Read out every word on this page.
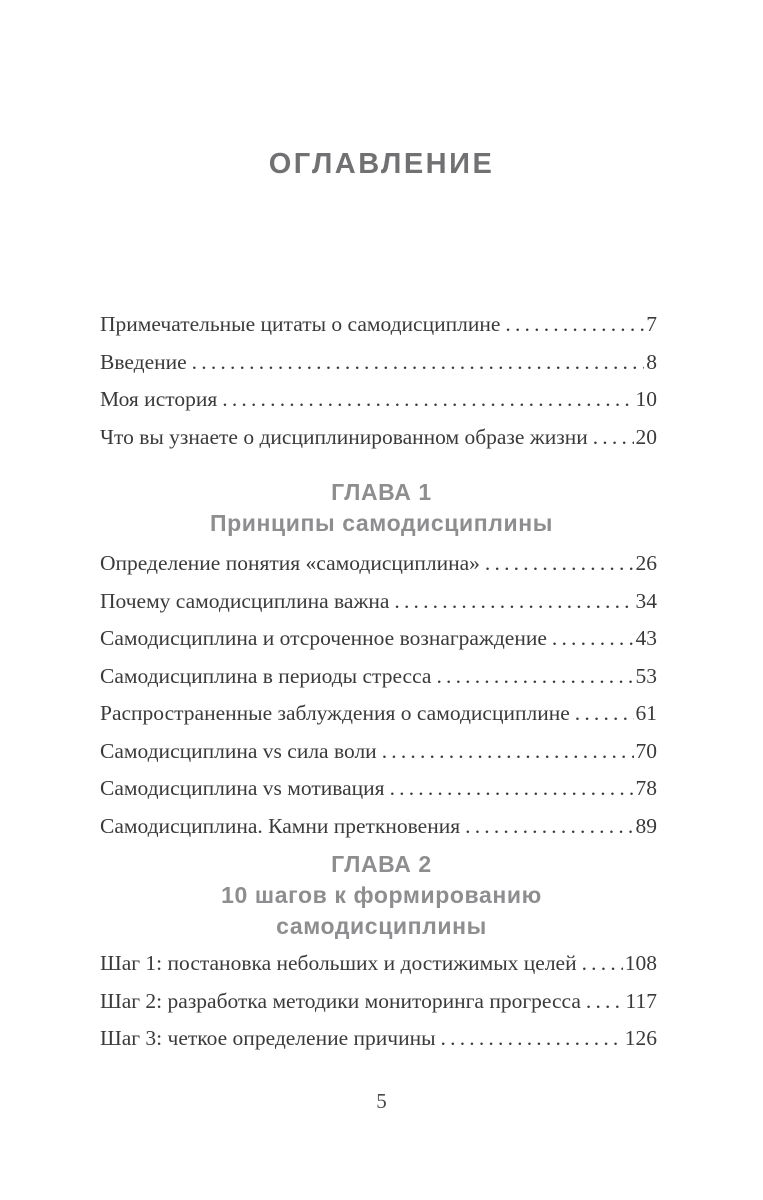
ОГЛАВЛЕНИЕ
Примечательные цитаты о самодисциплине .....	7
Введение .....	8
Моя история .....	10
Что вы узнаете о дисциплинированном образе жизни ..... 20
ГЛАВА 1
Принципы самодисциплины
Определение понятия «самодисциплина» .....	26
Почему самодисциплина важна .....	34
Самодисциплина и отсроченное вознаграждение .....	43
Самодисциплина в периоды стресса .....	53
Распространенные заблуждения о самодисциплине .....	61
Самодисциплина vs сила воли .....	70
Самодисциплина vs мотивация .....	78
Самодисциплина. Камни преткновения .....	89
ГЛАВА 2
10 шагов к формированию
самодисциплины
Шаг 1: постановка небольших и достижимых целей ..... 108
Шаг 2: разработка методики мониторинга прогресса ..... 117
Шаг 3: четкое определение причины .....	126
5
